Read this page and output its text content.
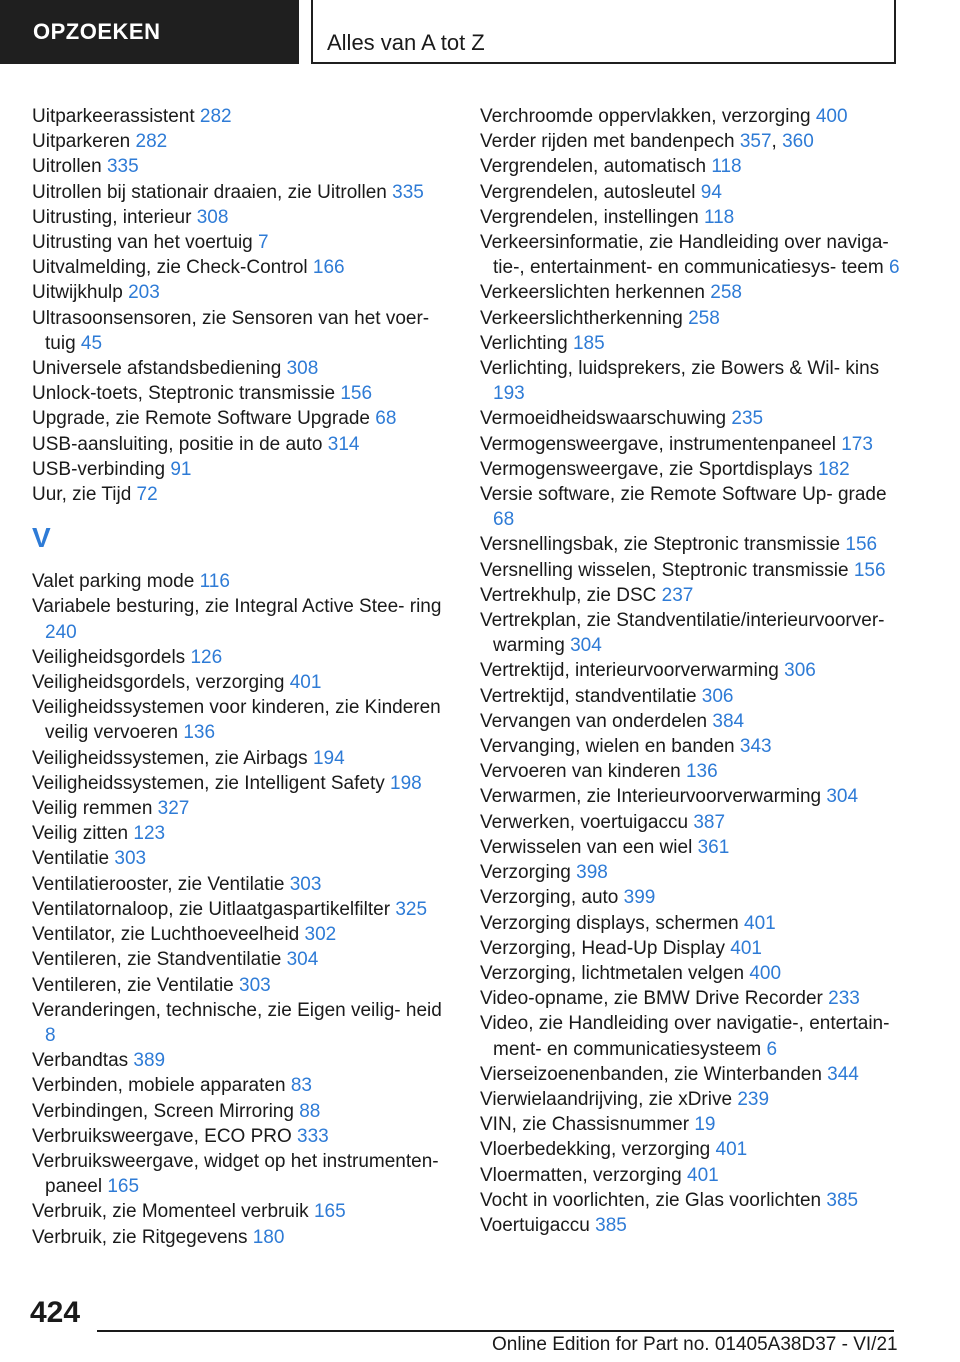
OPZOEKEN	Alles van A tot Z
Uitparkeerassistent 282
Uitparkeren 282
Uitrollen 335
Uitrollen bij stationair draaien, zie Uitrollen 335
Uitrusting, interieur 308
Uitrusting van het voertuig 7
Uitvalmelding, zie Check-Control 166
Uitwijkhulp 203
Ultrasoonsensoren, zie Sensoren van het voer- tuig 45
Universele afstandsbediening 308
Unlock-toets, Steptronic transmissie 156
Upgrade, zie Remote Software Upgrade 68
USB-aansluiting, positie in de auto 314
USB-verbinding 91
Uur, zie Tijd 72
V
Valet parking mode 116
Variabele besturing, zie Integral Active Stee- ring 240
Veiligheidsgordels 126
Veiligheidsgordels, verzorging 401
Veiligheidssystemen voor kinderen, zie Kinderen veilig vervoeren 136
Veiligheidssystemen, zie Airbags 194
Veiligheidssystemen, zie Intelligent Safety 198
Veilig remmen 327
Veilig zitten 123
Ventilatie 303
Ventilatierooster, zie Ventilatie 303
Ventilatornaloop, zie Uitlaatgaspartikelfilter 325
Ventilator, zie Luchthoeveelheid 302
Ventileren, zie Standventilatie 304
Ventileren, zie Ventilatie 303
Veranderingen, technische, zie Eigen veilig- heid 8
Verbandtas 389
Verbinden, mobiele apparaten 83
Verbindingen, Screen Mirroring 88
Verbruiksweergave, ECO PRO 333
Verbruiksweergave, widget op het instrumenten- paneel 165
Verbruik, zie Momenteel verbruik 165
Verbruik, zie Ritgegevens 180
Verchroomde oppervlakken, verzorging 400
Verder rijden met bandenpech 357, 360
Vergrendelen, automatisch 118
Vergrendelen, autosleutel 94
Vergrendelen, instellingen 118
Verkeersinformatie, zie Handleiding over naviga- tie-, entertainment- en communicatiesys- teem 6
Verkeerslichten herkennen 258
Verkeerslichtherkenning 258
Verlichting 185
Verlichting, luidsprekers, zie Bowers & Wil- kins 193
Vermoeidheidswaarschuwing 235
Vermogensweergave, instrumentenpaneel 173
Vermogensweergave, zie Sportdisplays 182
Versie software, zie Remote Software Up- grade 68
Versnellingsbak, zie Steptronic transmissie 156
Versnelling wisselen, Steptronic transmissie 156
Vertrekhulp, zie DSC 237
Vertrekplan, zie Standventilatie/interieurvoorver- warming 304
Vertrektijd, interieurvoorverwarming 306
Vertrektijd, standventilatie 306
Vervangen van onderdelen 384
Vervanging, wielen en banden 343
Vervoeren van kinderen 136
Verwarmen, zie Interieurvoorverwarming 304
Verwerken, voertuigaccu 387
Verwisselen van een wiel 361
Verzorging 398
Verzorging, auto 399
Verzorging displays, schermen 401
Verzorging, Head-Up Display 401
Verzorging, lichtmetalen velgen 400
Video-opname, zie BMW Drive Recorder 233
Video, zie Handleiding over navigatie-, entertain- ment- en communicatiesysteem 6
Vierseizoenenbanden, zie Winterbanden 344
Vierwielaandrijving, zie xDrive 239
VIN, zie Chassisnummer 19
Vloerbedekking, verzorging 401
Vloermatten, verzorging 401
Vocht in voorlichten, zie Glas voorlichten 385
Voertuigaccu 385
424
Online Edition for Part no. 01405A38D37 - VI/21
